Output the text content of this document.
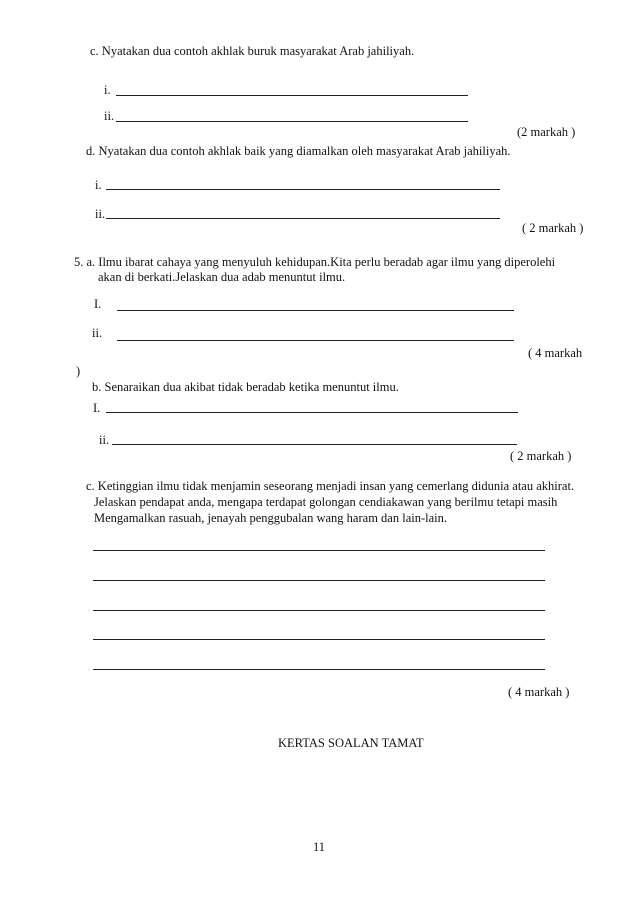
c. Nyatakan dua contoh akhlak buruk masyarakat Arab jahiliyah.
i.
ii.
(2 markah )
d. Nyatakan dua contoh akhlak baik yang diamalkan oleh masyarakat Arab jahiliyah.
i.
ii.
( 2 markah )
5. a. Ilmu ibarat cahaya yang menyuluh kehidupan.Kita perlu beradab agar ilmu yang diperolehi
akan di berkati.Jelaskan dua adab menuntut ilmu.
I.
ii.
( 4 markah
)
b. Senaraikan dua akibat tidak beradab ketika menuntut ilmu.
I.
ii.
( 2 markah )
c. Ketinggian ilmu tidak menjamin seseorang menjadi insan yang cemerlang didunia atau akhirat.
Jelaskan pendapat anda, mengapa terdapat golongan cendiakawan yang berilmu tetapi masih
Mengamalkan rasuah, jenayah penggubalan wang haram dan lain-lain.
( 4 markah )
KERTAS SOALAN TAMAT
11
